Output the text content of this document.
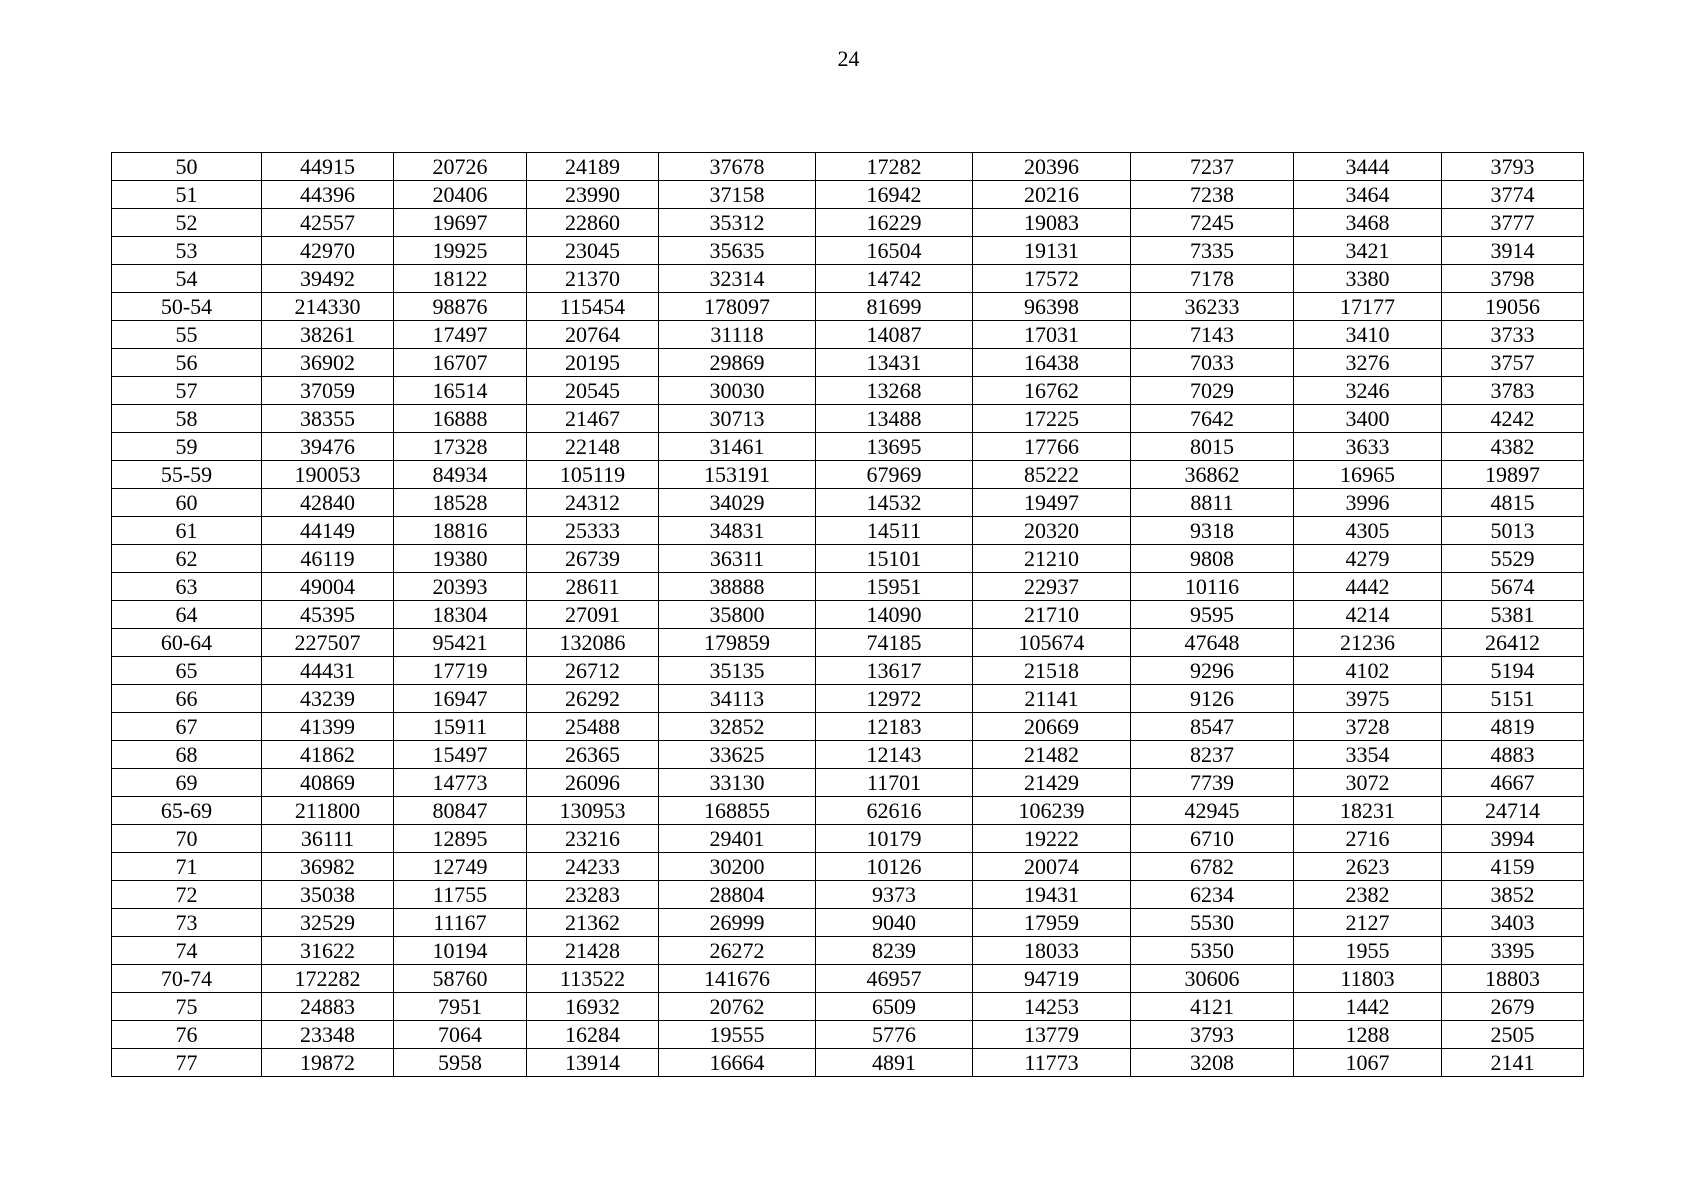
24
50	44915	20726	24189	37678	17282	20396	7237	3444	3793
51	44396	20406	23990	37158	16942	20216	7238	3464	3774
52	42557	19697	22860	35312	16229	19083	7245	3468	3777
53	42970	19925	23045	35635	16504	19131	7335	3421	3914
54	39492	18122	21370	32314	14742	17572	7178	3380	3798
50-54	214330	98876	115454	178097	81699	96398	36233	17177	19056
55	38261	17497	20764	31118	14087	17031	7143	3410	3733
56	36902	16707	20195	29869	13431	16438	7033	3276	3757
57	37059	16514	20545	30030	13268	16762	7029	3246	3783
58	38355	16888	21467	30713	13488	17225	7642	3400	4242
59	39476	17328	22148	31461	13695	17766	8015	3633	4382
55-59	190053	84934	105119	153191	67969	85222	36862	16965	19897
60	42840	18528	24312	34029	14532	19497	8811	3996	4815
61	44149	18816	25333	34831	14511	20320	9318	4305	5013
62	46119	19380	26739	36311	15101	21210	9808	4279	5529
63	49004	20393	28611	38888	15951	22937	10116	4442	5674
64	45395	18304	27091	35800	14090	21710	9595	4214	5381
60-64	227507	95421	132086	179859	74185	105674	47648	21236	26412
65	44431	17719	26712	35135	13617	21518	9296	4102	5194
66	43239	16947	26292	34113	12972	21141	9126	3975	5151
67	41399	15911	25488	32852	12183	20669	8547	3728	4819
68	41862	15497	26365	33625	12143	21482	8237	3354	4883
69	40869	14773	26096	33130	11701	21429	7739	3072	4667
65-69	211800	80847	130953	168855	62616	106239	42945	18231	24714
70	36111	12895	23216	29401	10179	19222	6710	2716	3994
71	36982	12749	24233	30200	10126	20074	6782	2623	4159
72	35038	11755	23283	28804	9373	19431	6234	2382	3852
73	32529	11167	21362	26999	9040	17959	5530	2127	3403
74	31622	10194	21428	26272	8239	18033	5350	1955	3395
70-74	172282	58760	113522	141676	46957	94719	30606	11803	18803
75	24883	7951	16932	20762	6509	14253	4121	1442	2679
76	23348	7064	16284	19555	5776	13779	3793	1288	2505
77	19872	5958	13914	16664	4891	11773	3208	1067	2141
